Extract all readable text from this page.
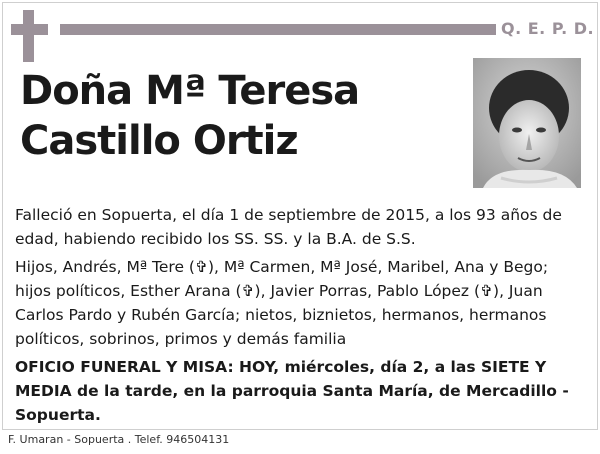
Q. E. P. D.
Doña Mª Teresa
Castillo Ortiz

Falleció en Sopuerta, el día 1 de septiembre de 2015, a los 93 años de edad, habiendo recibido los SS. SS. y la B.A. de S.S.

Hijos, Andrés, Mª Tere (✞), Mª Carmen, Mª José, Maribel, Ana y Bego; hijos políticos, Esther Arana (✞), Javier Porras, Pablo López (✞), Juan Carlos Pardo y Rubén García; nietos, biznietos, hermanos, hermanos políticos, sobrinos, primos y demás familia

OFICIO FUNERAL Y MISA: HOY, miércoles, día 2, a las SIETE Y MEDIA de la tarde, en la parroquia Santa María, de Mercadillo - Sopuerta.

F. Umaran - Sopuerta . Telef. 946504131
